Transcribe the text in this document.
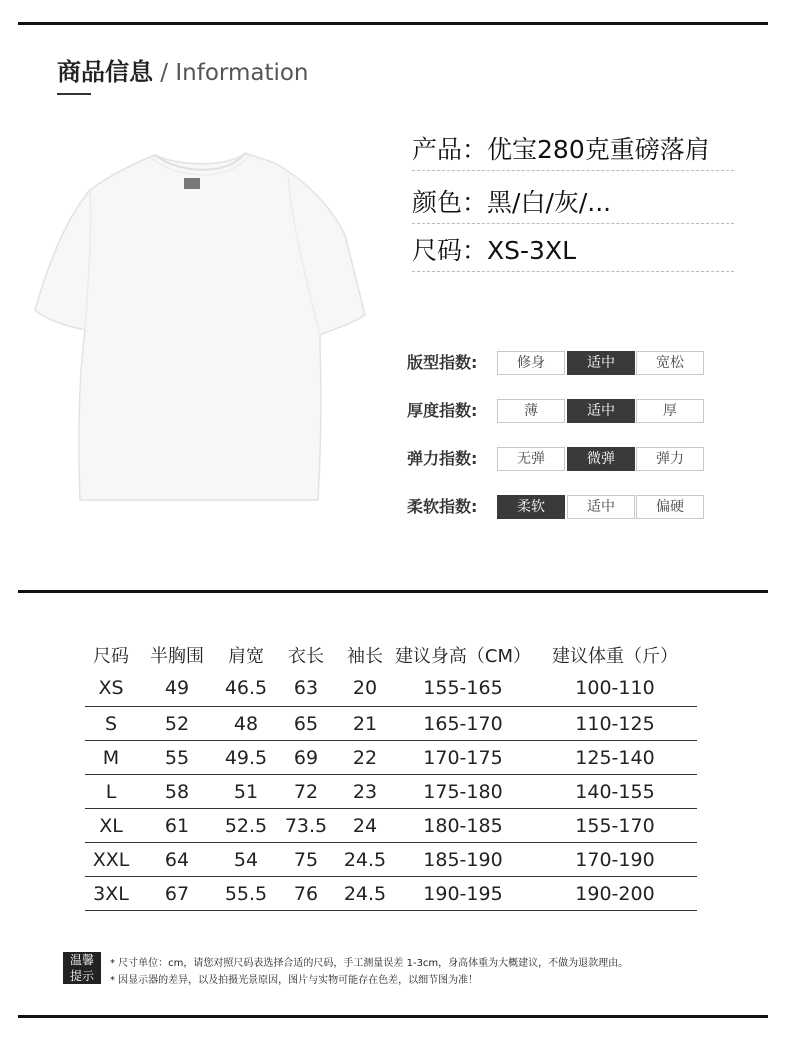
商品信息 / Information
产品：优宝280克重磅落肩
颜色：黑/白/灰/...
尺码：XS-3XL
版型指数:	修身	适中	宽松
厚度指数:	薄	适中	厚
弹力指数:	无弹	微弹	弹力
柔软指数:	柔软	适中	偏硬
尺码	半胸围	肩宽	衣长	袖长	建议身高（CM）	建议体重（斤）
XS	49	46.5	63	20	155-165	100-110
S	52	48	65	21	165-170	110-125
M	55	49.5	69	22	170-175	125-140
L	58	51	72	23	175-180	140-155
XL	61	52.5	73.5	24	180-185	155-170
XXL	64	54	75	24.5	185-190	170-190
3XL	67	55.5	76	24.5	190-195	190-200
温馨
提示
* 尺寸单位：cm，请您对照尺码表选择合适的尺码，手工测量误差 1-3cm，身高体重为大概建议，不做为退款理由。
* 因显示器的差异，以及拍摄光景原因，图片与实物可能存在色差，以细节图为准！
